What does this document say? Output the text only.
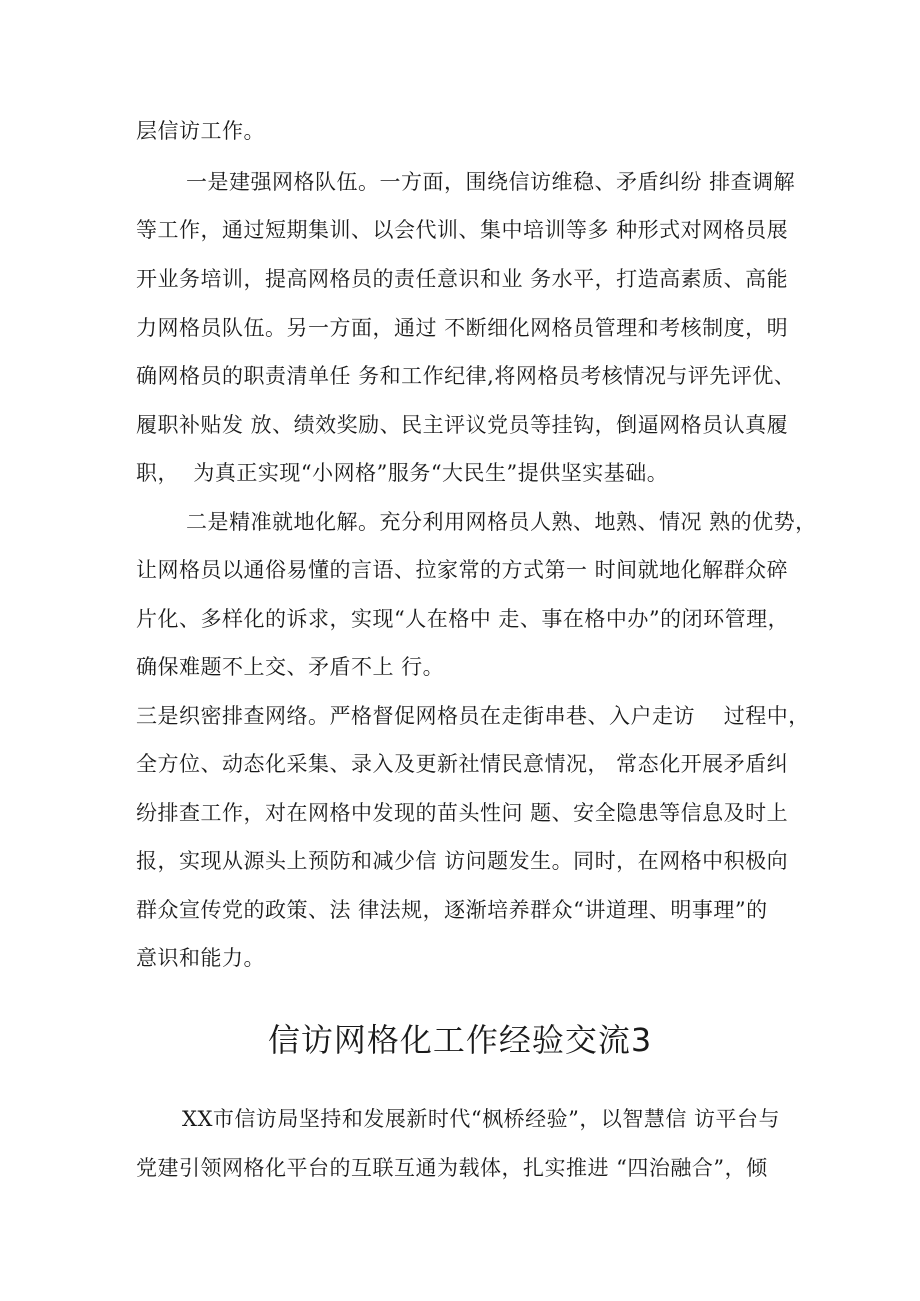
层信访工作。
一是建强网格队伍。一方面，围绕信访维稳、矛盾纠纷 排查调解
等工作，通过短期集训、以会代训、集中培训等多 种形式对网格员展
开业务培训，提高网格员的责任意识和业 务水平，打造高素质、高能
力网格员队伍。另一方面，通过 不断细化网格员管理和考核制度，明
确网格员的职责清单任 务和工作纪律,将网格员考核情况与评先评优、
履职补贴发 放、绩效奖励、民主评议党员等挂钩，倒逼网格员认真履
职，  为真正实现“小网格”服务“大民生”提供坚实基础。
二是精准就地化解。充分利用网格员人熟、地熟、情况 熟的优势，
让网格员以通俗易懂的言语、拉家常的方式第一 时间就地化解群众碎
片化、多样化的诉求，实现“人在格中 走、事在格中办”的闭环管理，
确保难题不上交、矛盾不上 行。
三是织密排查网络。严格督促网格员在走街串巷、入户走访    过程中，
全方位、动态化采集、录入及更新社情民意情况， 常态化开展矛盾纠
纷排查工作，对在网格中发现的苗头性问 题、安全隐患等信息及时上
报，实现从源头上预防和减少信 访问题发生。同时，在网格中积极向
群众宣传党的政策、法 律法规，逐渐培养群众“讲道理、明事理”的
意识和能力。
信访网格化工作经验交流3
XX市信访局坚持和发展新时代“枫桥经验”，以智慧信 访平台与
党建引领网格化平台的互联互通为载体，扎实推进 “四治融合”，倾
